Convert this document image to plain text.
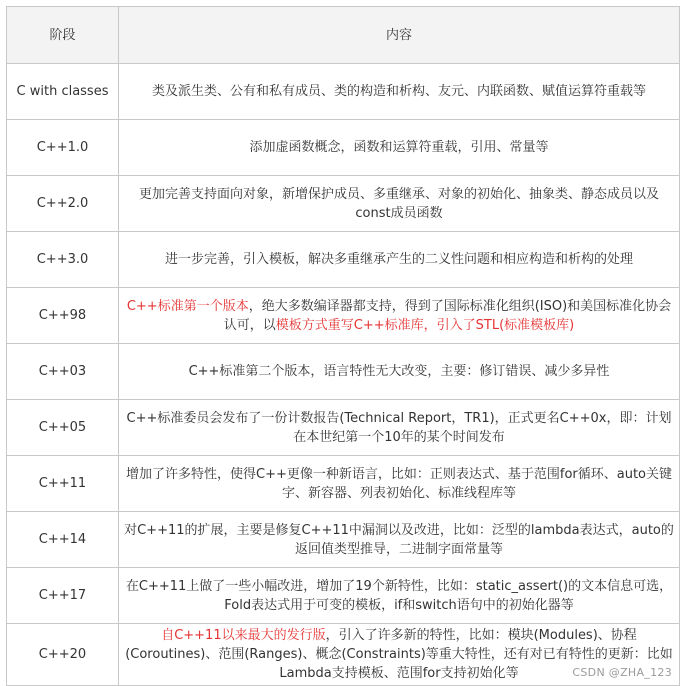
阶段	内容
C with classes	类及派生类、公有和私有成员、类的构造和析构、友元、内联函数、赋值运算符重载等
C++1.0	添加虚函数概念，函数和运算符重载，引用、常量等
C++2.0	更加完善支持面向对象，新增保护成员、多重继承、对象的初始化、抽象类、静态成员以及const成员函数
C++3.0	进一步完善，引入模板，解决多重继承产生的二义性问题和相应构造和析构的处理
C++98	C++标准第一个版本，绝大多数编译器都支持，得到了国际标准化组织(ISO)和美国标准化协会认可，以模板方式重写C++标准库，引入了STL(标准模板库)
C++03	C++标准第二个版本，语言特性无大改变，主要：修订错误、减少多异性
C++05	C++标准委员会发布了一份计数报告(Technical Report，TR1)，正式更名C++0x，即：计划在本世纪第一个10年的某个时间发布
C++11	增加了许多特性，使得C++更像一种新语言，比如：正则表达式、基于范围for循环、auto关键字、新容器、列表初始化、标准线程库等
C++14	对C++11的扩展，主要是修复C++11中漏洞以及改进，比如：泛型的lambda表达式，auto的返回值类型推导，二进制字面常量等
C++17	在C++11上做了一些小幅改进，增加了19个新特性，比如：static_assert()的文本信息可选，Fold表达式用于可变的模板，if和switch语句中的初始化器等
C++20	自C++11以来最大的发行版，引入了许多新的特性，比如：模块(Modules)、协程(Coroutines)、范围(Ranges)、概念(Constraints)等重大特性，还有对已有特性的更新：比如Lambda支持模板、范围for支持初始化等	CSDN @ZHA_123
